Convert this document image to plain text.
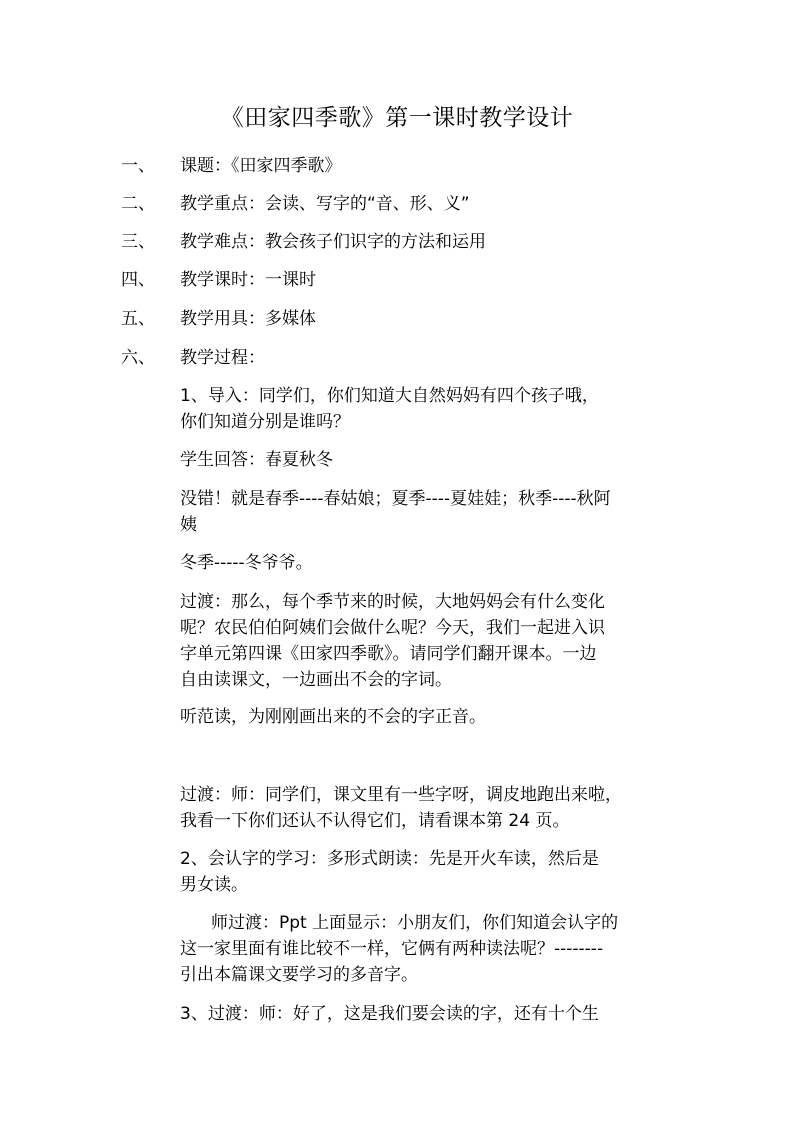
《田家四季歌》第一课时教学设计
一、 课题：《田家四季歌》
二、 教学重点：会读、写字的“音、形、义”
三、 教学难点：教会孩子们识字的方法和运用
四、 教学课时：一课时
五、 教学用具：多媒体
六、 教学过程：
1、导入：同学们，你们知道大自然妈妈有四个孩子哦，
你们知道分别是谁吗？
学生回答：春夏秋冬
没错！就是春季----春姑娘；夏季----夏娃娃；秋季----秋阿
姨
冬季-----冬爷爷。
过渡：那么，每个季节来的时候，大地妈妈会有什么变化
呢？农民伯伯阿姨们会做什么呢？今天，我们一起进入识
字单元第四课《田家四季歌》。请同学们翻开课本。一边
自由读课文，一边画出不会的字词。
听范读，为刚刚画出来的不会的字正音。
过渡：师：同学们，课文里有一些字呀，调皮地跑出来啦，
我看一下你们还认不认得它们，请看课本第 24 页。
2、会认字的学习：多形式朗读：先是开火车读，然后是
男女读。
师过渡：Ppt 上面显示：小朋友们，你们知道会认字的
这一家里面有谁比较不一样，它俩有两种读法呢？--------
引出本篇课文要学习的多音字。
3、过渡：师：好了，这是我们要会读的字，还有十个生
